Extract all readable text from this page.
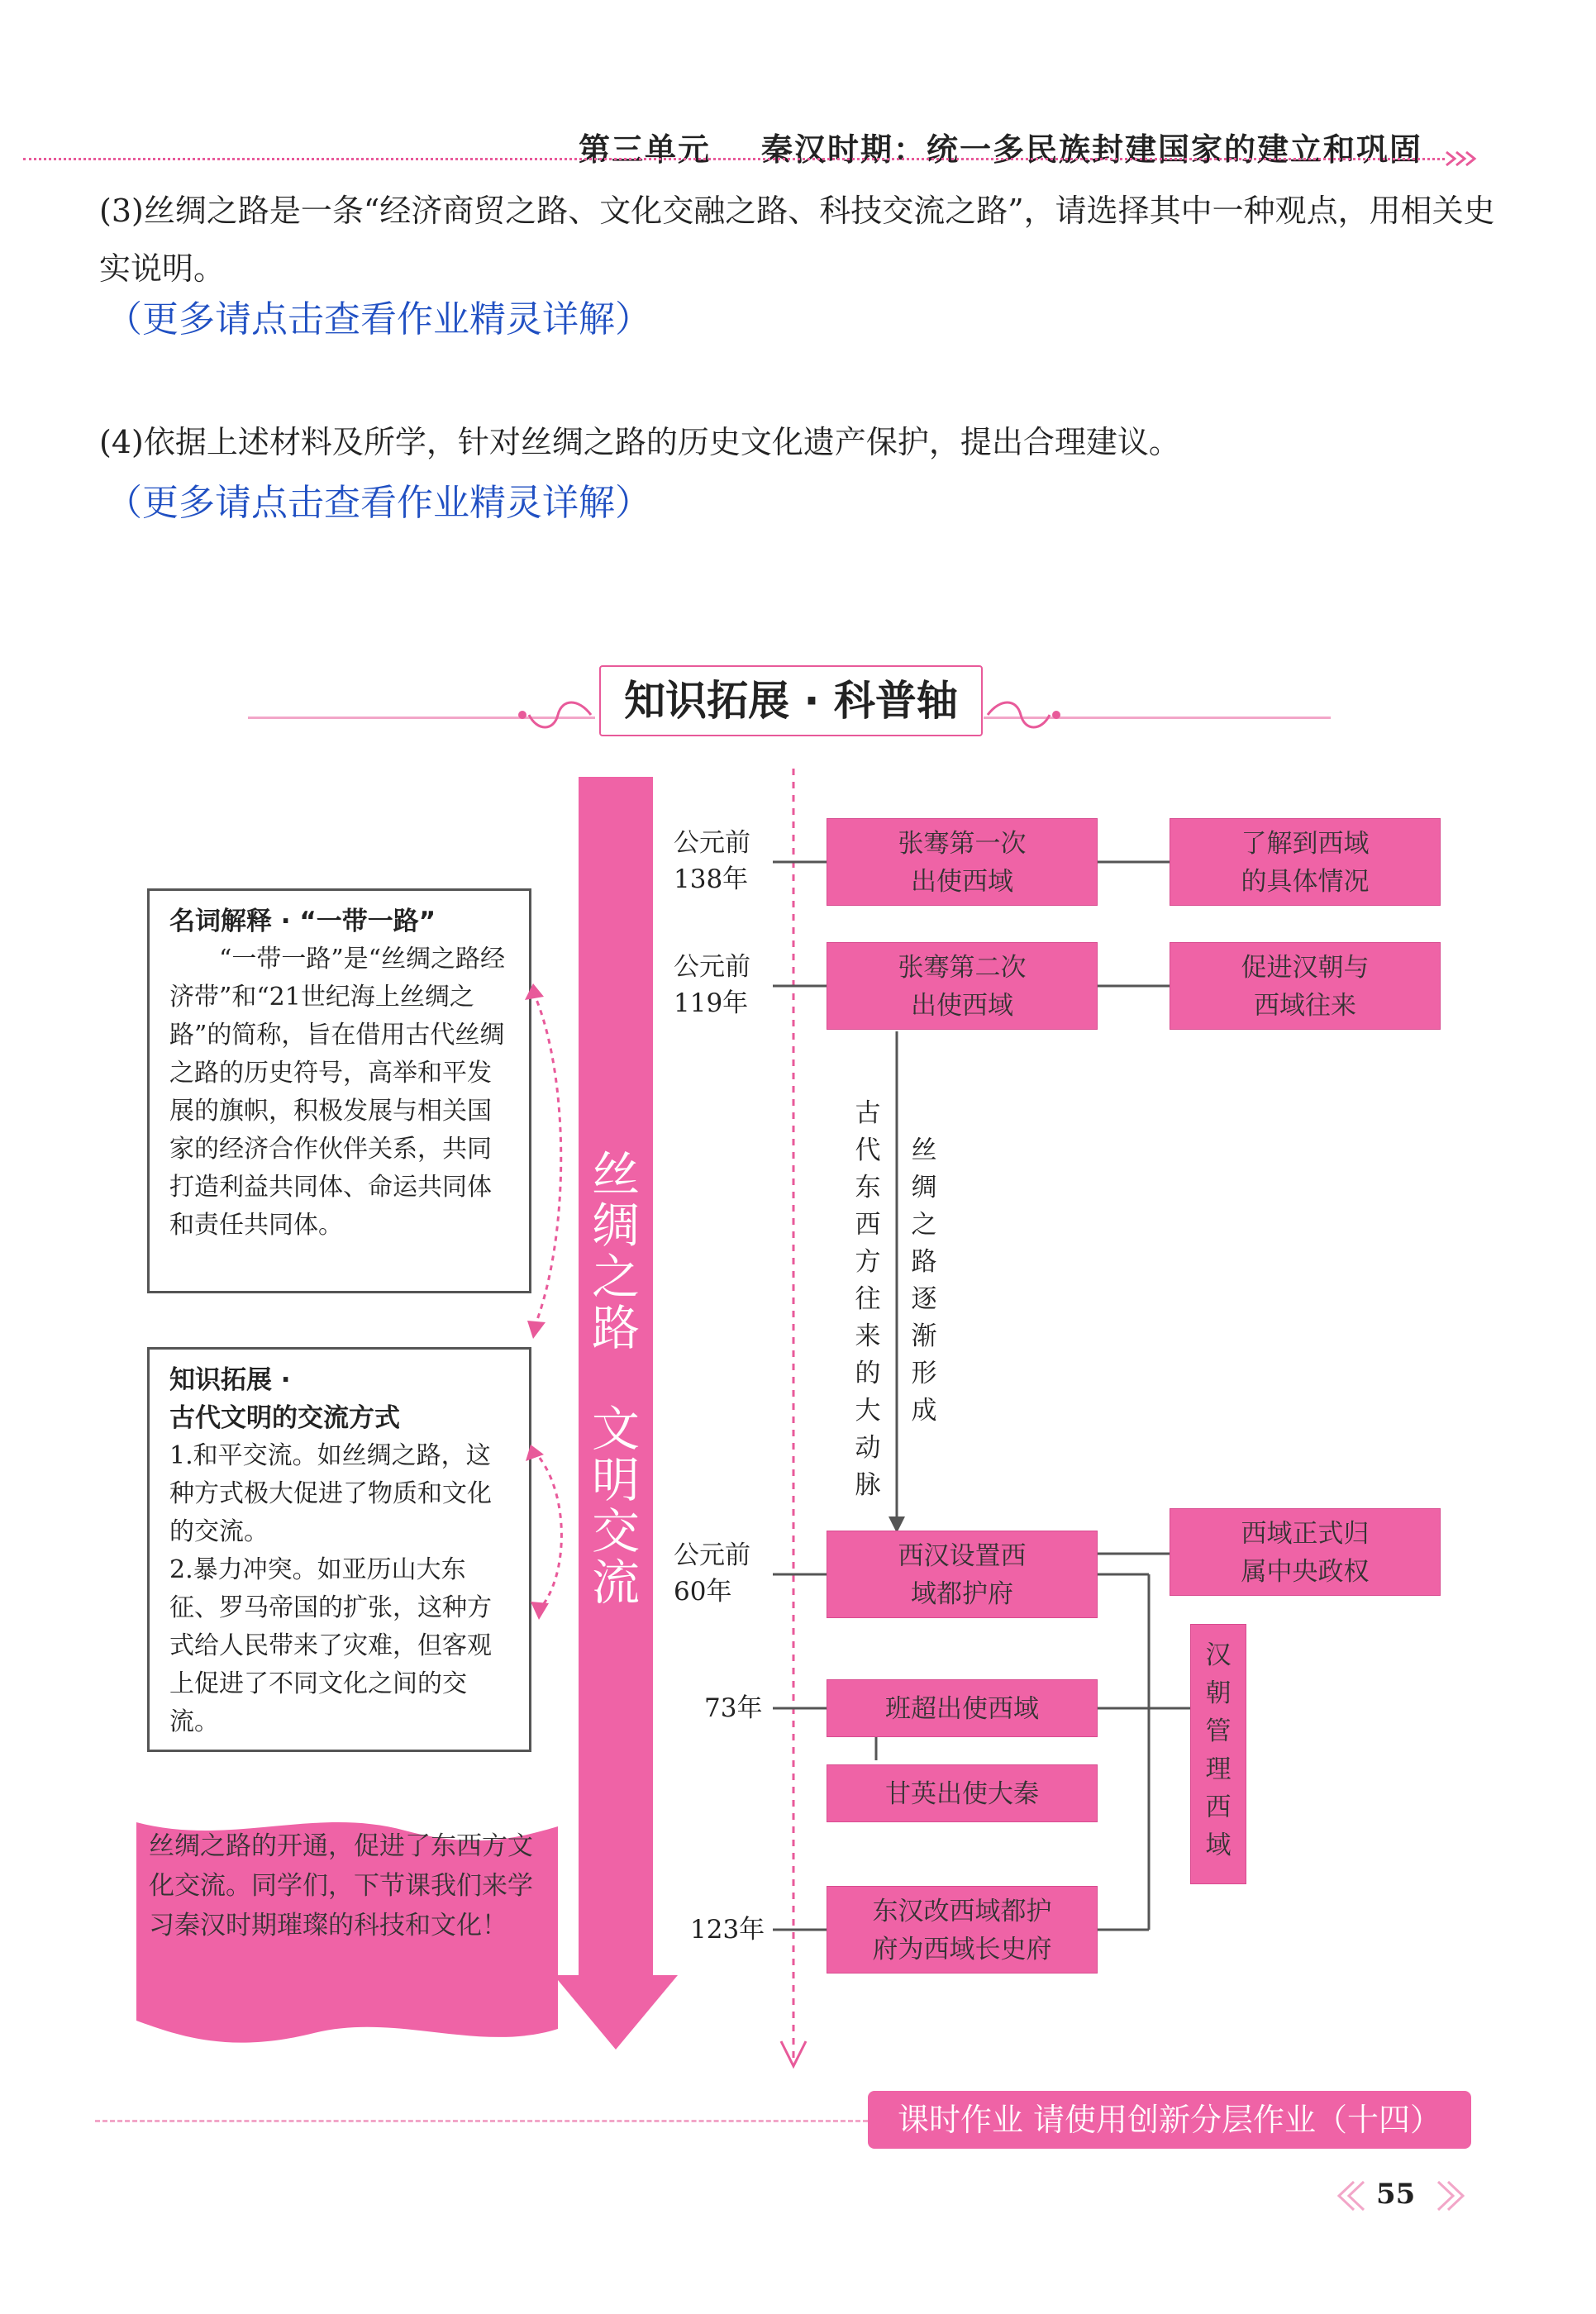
第三单元 秦汉时期：统一多民族封建国家的建立和巩固
(3)丝绸之路是一条“经济商贸之路、文化交融之路、科技交流之路”，请选择其中一种观点，用相关史实说明。
（更多请点击查看作业精灵详解）
(4)依据上述材料及所学，针对丝绸之路的历史文化遗产保护，提出合理建议。
（更多请点击查看作业精灵详解）
知识拓展 · 科普轴
名词解释 · “一带一路”
“一带一路”是“丝绸之路经济带”和“21世纪海上丝绸之路”的简称，旨在借用古代丝绸之路的历史符号，高举和平发展的旗帜，积极发展与相关国家的经济合作伙伴关系，共同打造利益共同体、命运共同体和责任共同体。
知识拓展 ·
古代文明的交流方式
1.和平交流。如丝绸之路，这种方式极大促进了物质和文化的交流。
2.暴力冲突。如亚历山大东征、罗马帝国的扩张，这种方式给人民带来了灾难，但客观上促进了不同文化之间的交流。
丝绸之路的开通，促进了东西方文化交流。同学们，下节课我们来学习秦汉时期璀璨的科技和文化！
丝
绸
之
路
文
明
交
流
公元前
138年
公元前
119年
公元前
60年
73年
123年
张骞第一次
出使西域
张骞第二次
出使西域
西汉设置西
域都护府
班超出使西域
甘英出使大秦
东汉改西域都护
府为西域长史府
了解到西域
的具体情况
促进汉朝与
西域往来
西域正式归
属中央政权
古
代
东
西
方
往
来
的
大
动
脉
丝
绸
之
路
逐
渐
形
成
汉
朝
管
理
西
域
课时作业 请使用创新分层作业（十四）
55
